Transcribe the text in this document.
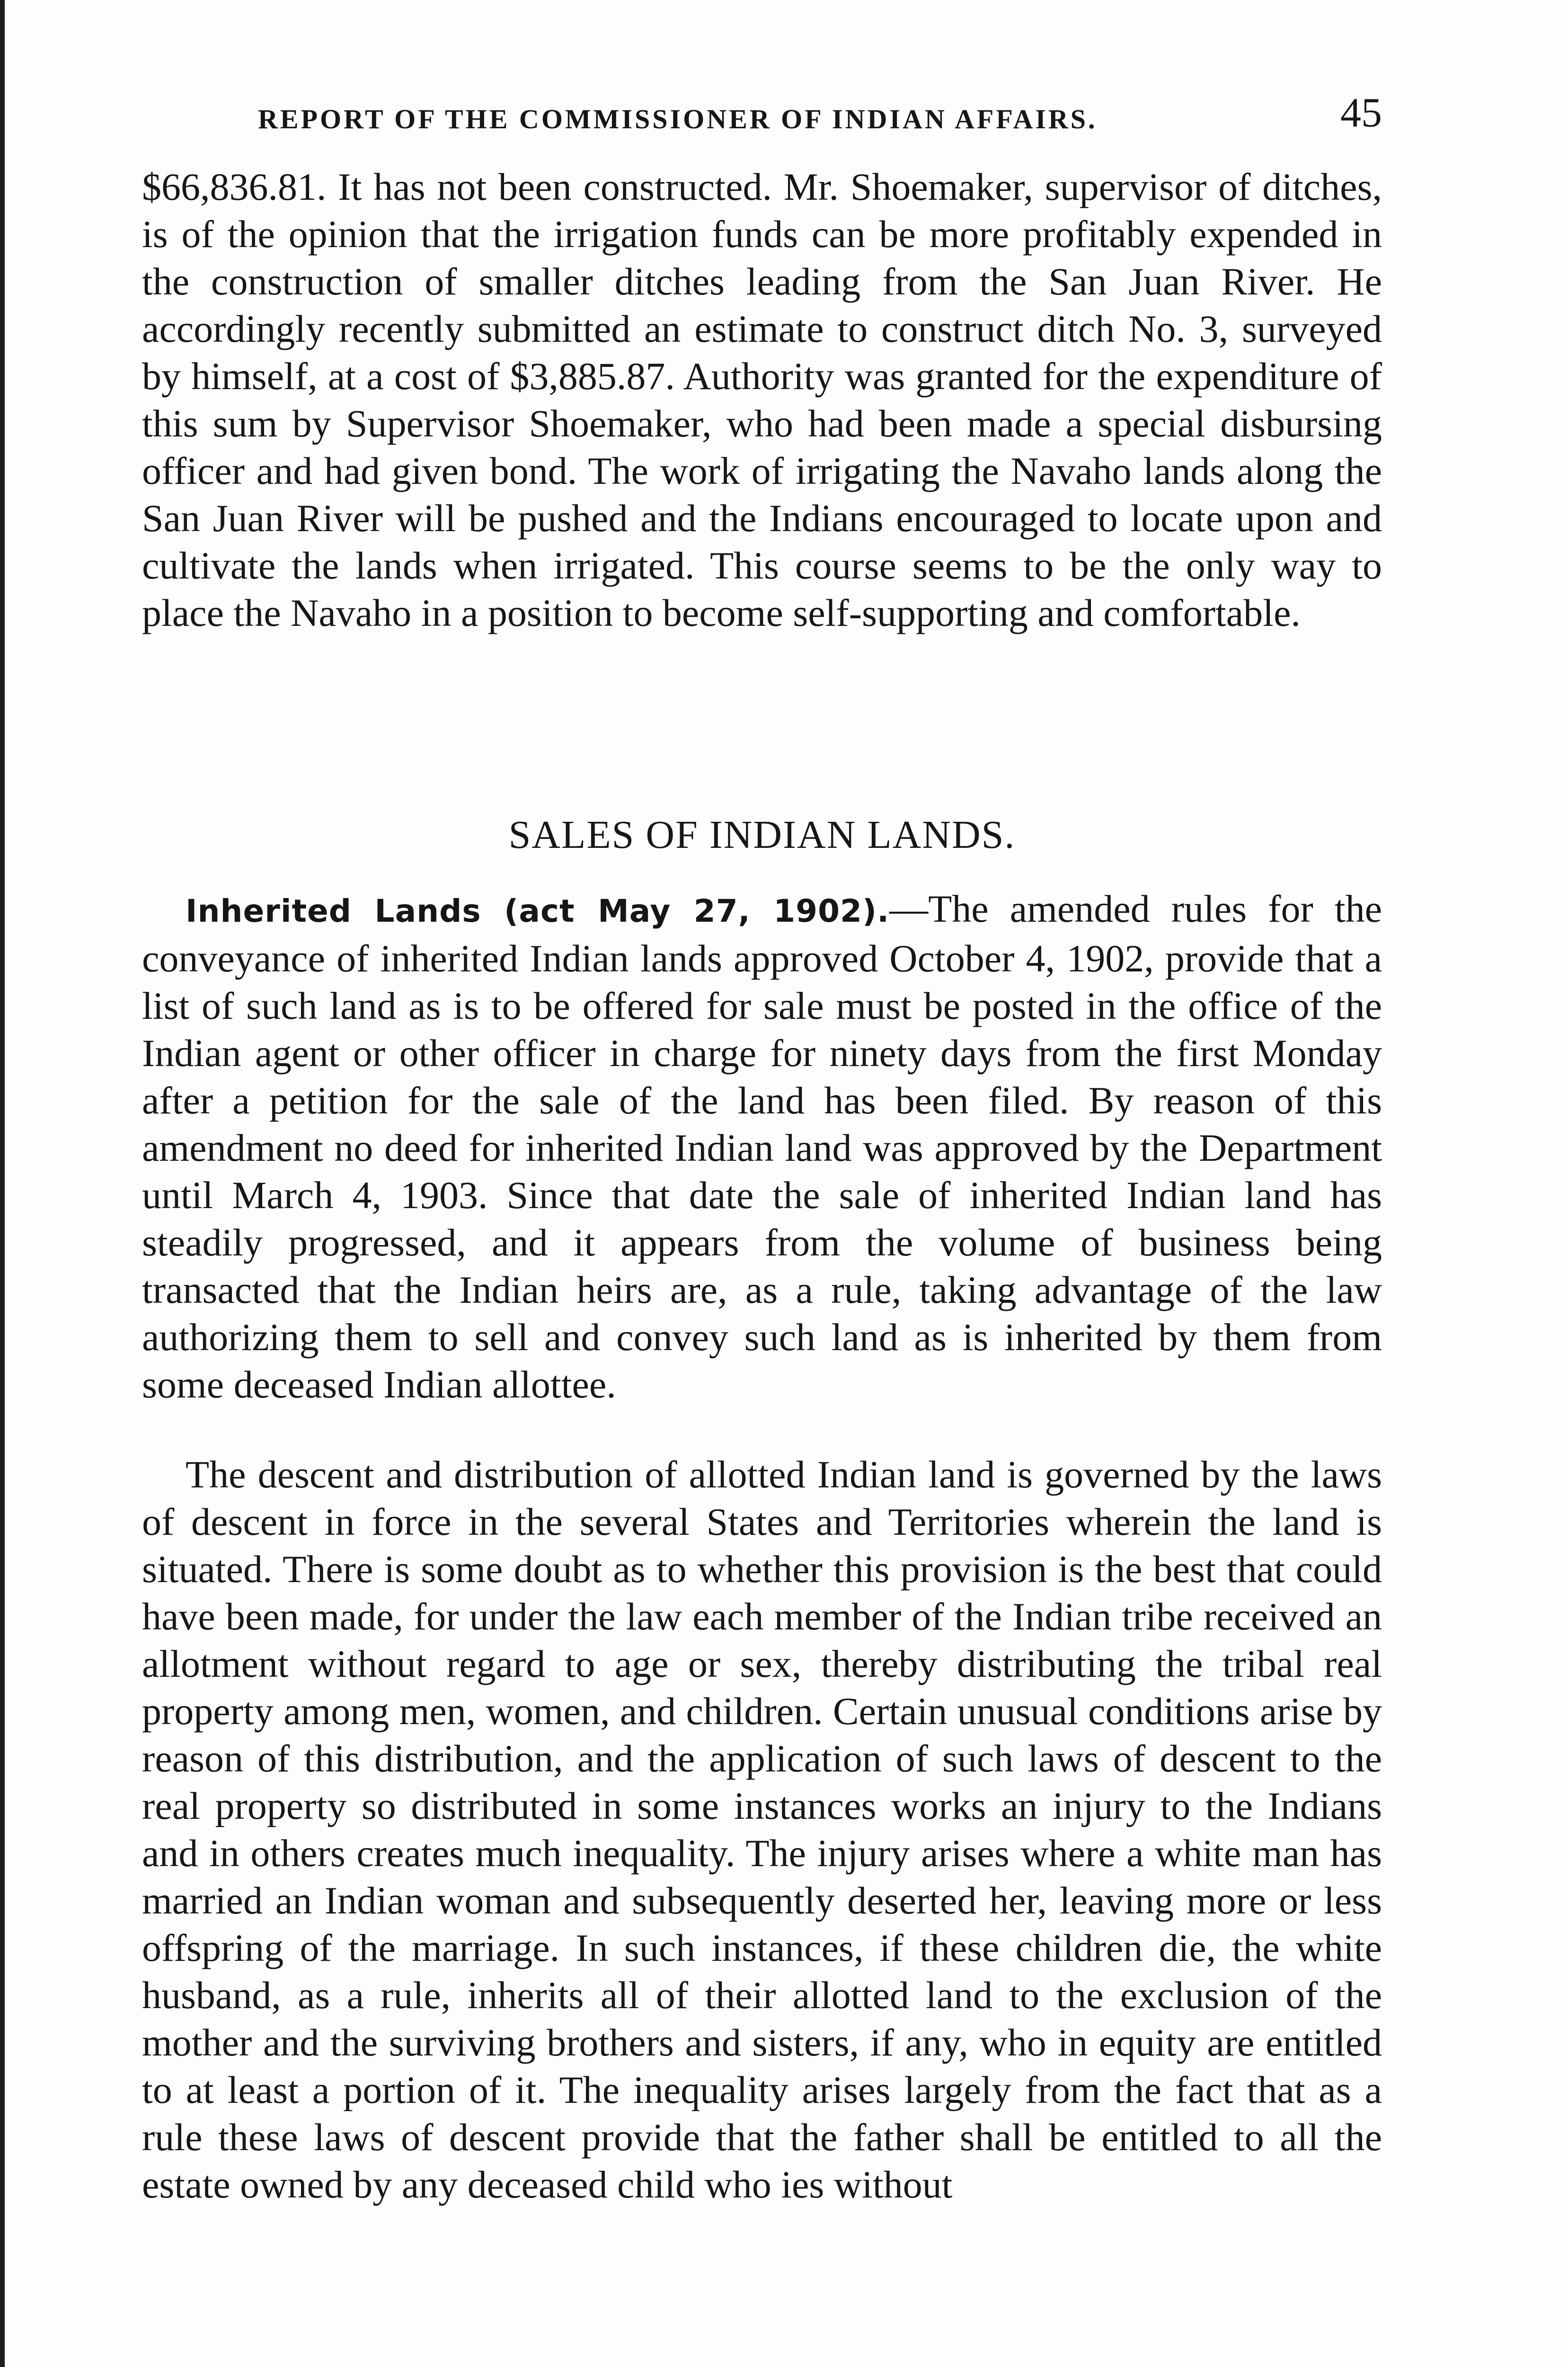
REPORT OF THE COMMISSIONER OF INDIAN AFFAIRS.	45

$66,836.81. It has not been constructed. Mr. Shoemaker, supervisor of ditches, is of the opinion that the irrigation funds can be more profitably expended in the construction of smaller ditches leading from the San Juan River. He accordingly recently submitted an estimate to construct ditch No. 3, surveyed by himself, at a cost of $3,885.87. Authority was granted for the expenditure of this sum by Supervisor Shoemaker, who had been made a special disbursing officer and had given bond. The work of irrigating the Navaho lands along the San Juan River will be pushed and the Indians encouraged to locate upon and cultivate the lands when irrigated. This course seems to be the only way to place the Navaho in a position to become self-supporting and comfortable.

SALES OF INDIAN LANDS.

Inherited Lands (act May 27, 1902).—The amended rules for the conveyance of inherited Indian lands approved October 4, 1902, provide that a list of such land as is to be offered for sale must be posted in the office of the Indian agent or other officer in charge for ninety days from the first Monday after a petition for the sale of the land has been filed. By reason of this amendment no deed for inherited Indian land was approved by the Department until March 4, 1903. Since that date the sale of inherited Indian land has steadily progressed, and it appears from the volume of business being transacted that the Indian heirs are, as a rule, taking advantage of the law authorizing them to sell and convey such land as is inherited by them from some deceased Indian allottee.

The descent and distribution of allotted Indian land is governed by the laws of descent in force in the several States and Territories wherein the land is situated. There is some doubt as to whether this provision is the best that could have been made, for under the law each member of the Indian tribe received an allotment without regard to age or sex, thereby distributing the tribal real property among men, women, and children. Certain unusual conditions arise by reason of this distribution, and the application of such laws of descent to the real property so distributed in some instances works an injury to the Indians and in others creates much inequality. The injury arises where a white man has married an Indian woman and subsequently deserted her, leaving more or less offspring of the marriage. In such instances, if these children die, the white husband, as a rule, inherits all of their allotted land to the exclusion of the mother and the surviving brothers and sisters, if any, who in equity are entitled to at least a portion of it. The inequality arises largely from the fact that as a rule these laws of descent provide that the father shall be entitled to all the estate owned by any deceased child who ies without
